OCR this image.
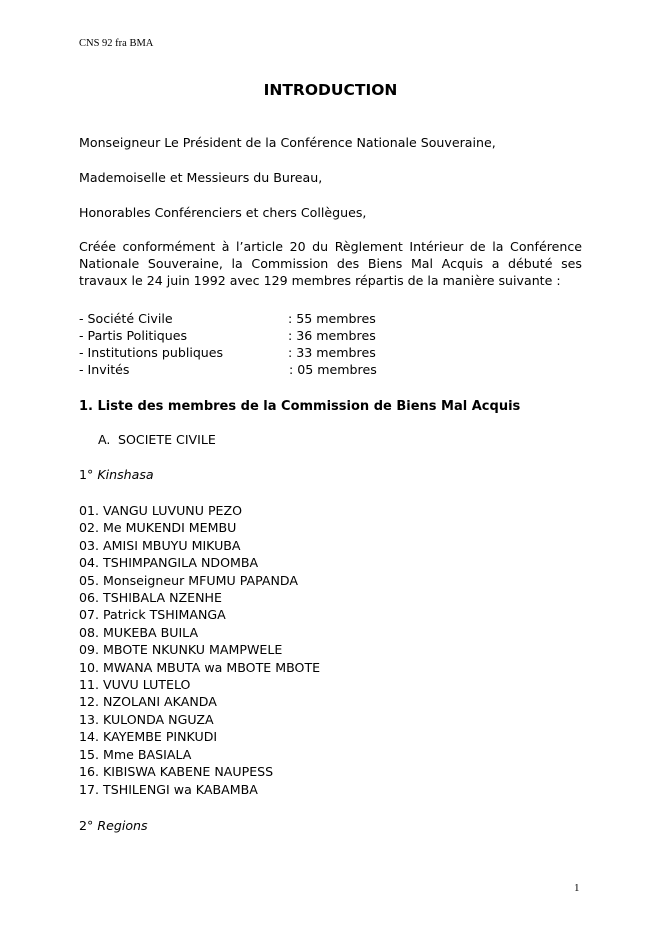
CNS 92 fra BMA
INTRODUCTION
Monseigneur Le Président de la Conférence Nationale Souveraine,
Mademoiselle et Messieurs du Bureau,
Honorables Conférenciers et chers Collègues,
Créée conformément à l’article 20 du Règlement Intérieur de la Conférence Nationale Souveraine, la Commission des Biens Mal Acquis a débuté ses travaux le 24 juin 1992 avec 129 membres répartis de la manière suivante :
- Société Civile	: 55 membres
- Partis Politiques	: 36 membres
- Institutions publiques	: 33 membres
- Invités	: 05 membres
1. Liste des membres de la Commission de Biens Mal Acquis
A. SOCIETE CIVILE
1° Kinshasa
01. VANGU LUVUNU PEZO
02. Me MUKENDI MEMBU
03. AMISI MBUYU MIKUBA
04. TSHIMPANGILA NDOMBA
05. Monseigneur MFUMU PAPANDA
06. TSHIBALA NZENHE
07. Patrick TSHIMANGA
08. MUKEBA BUILA
09. MBOTE NKUNKU MAMPWELE
10. MWANA MBUTA wa MBOTE MBOTE
11. VUVU LUTELO
12. NZOLANI AKANDA
13. KULONDA NGUZA
14. KAYEMBE PINKUDI
15. Mme BASIALA
16. KIBISWA KABENE NAUPESS
17. TSHILENGI wa KABAMBA
2° Regions
1
